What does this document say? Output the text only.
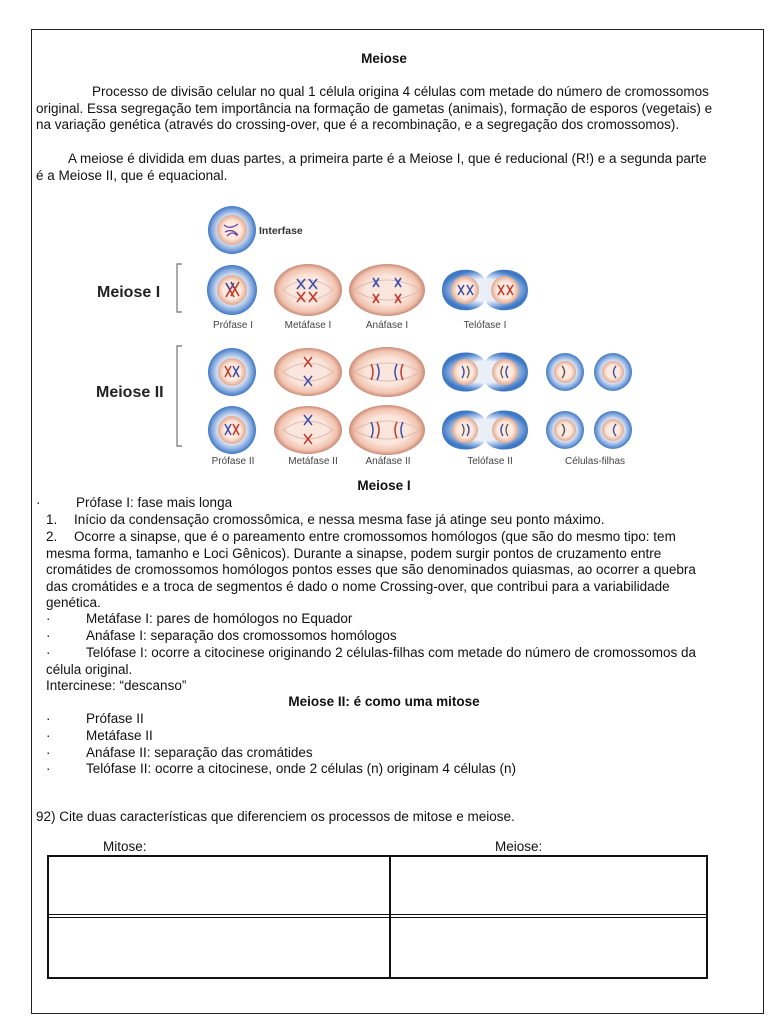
Meiose
Processo de divisão celular no qual 1 célula origina 4 células com metade do número de cromossomos original. Essa segregação tem importância na formação de gametas (animais), formação de esporos (vegetais) e na variação genética (através do crossing-over, que é a recombinação, e a segregação dos cromossomos).
A meiose é dividida em duas partes, a primeira parte é a Meiose I, que é reducional (R!) e a segunda parte é a Meiose II, que é equacional.
Interfase
Meiose I
Prófase I	Metáfase I	Anáfase I	Telófase I
Meiose II
Prófase II	Metáfase II	Anáfase II	Telófase II	Células-filhas
Meiose I
·	Prófase I: fase mais longa
1. Início da condensação cromossômica, e nessa mesma fase já atinge seu ponto máximo.
2. Ocorre a sinapse, que é o pareamento entre cromossomos homólogos (que são do mesmo tipo: tem mesma forma, tamanho e Loci Gênicos). Durante a sinapse, podem surgir pontos de cruzamento entre cromátides de cromossomos homólogos pontos esses que são denominados quiasmas, ao ocorrer a quebra das cromátides e a troca de segmentos é dado o nome Crossing-over, que contribui para a variabilidade genética.
·	Metáfase I: pares de homólogos no Equador
·	Anáfase I: separação dos cromossomos homólogos
·	Telófase I: ocorre a citocinese originando 2 células-filhas com metade do número de cromossomos da célula original.
Intercinese: “descanso”
Meiose II: é como uma mitose
·	Prófase II
·	Metáfase II
·	Anáfase II: separação das cromátides
·	Telófase II: ocorre a citocinese, onde 2 células (n) originam 4 células (n)
92) Cite duas características que diferenciem os processos de mitose e meiose.
Mitose:	Meiose:
